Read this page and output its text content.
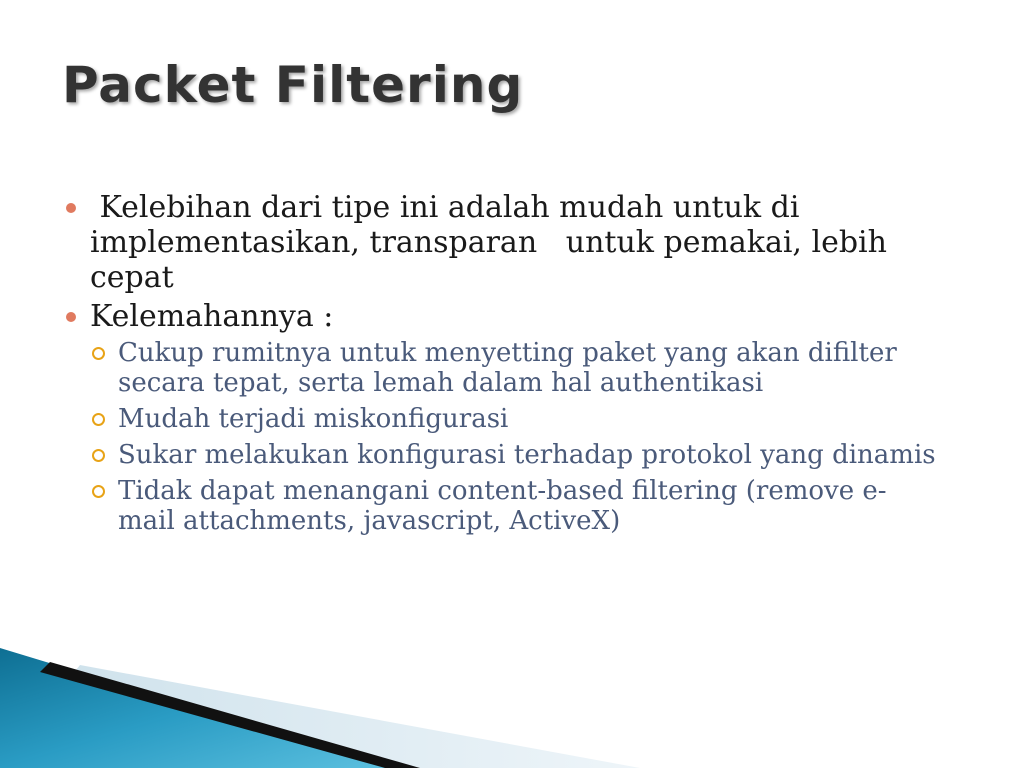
Packet Filtering
Kelebihan dari tipe ini adalah mudah untuk di implementasikan, transparan   untuk pemakai, lebih cepat
Kelemahannya :
Cukup rumitnya untuk menyetting paket yang akan difilter secara tepat, serta lemah dalam hal authentikasi
Mudah terjadi miskonfigurasi
Sukar melakukan konfigurasi terhadap protokol yang dinamis
Tidak dapat menangani content-based filtering (remove e-mail attachments, javascript, ActiveX)
